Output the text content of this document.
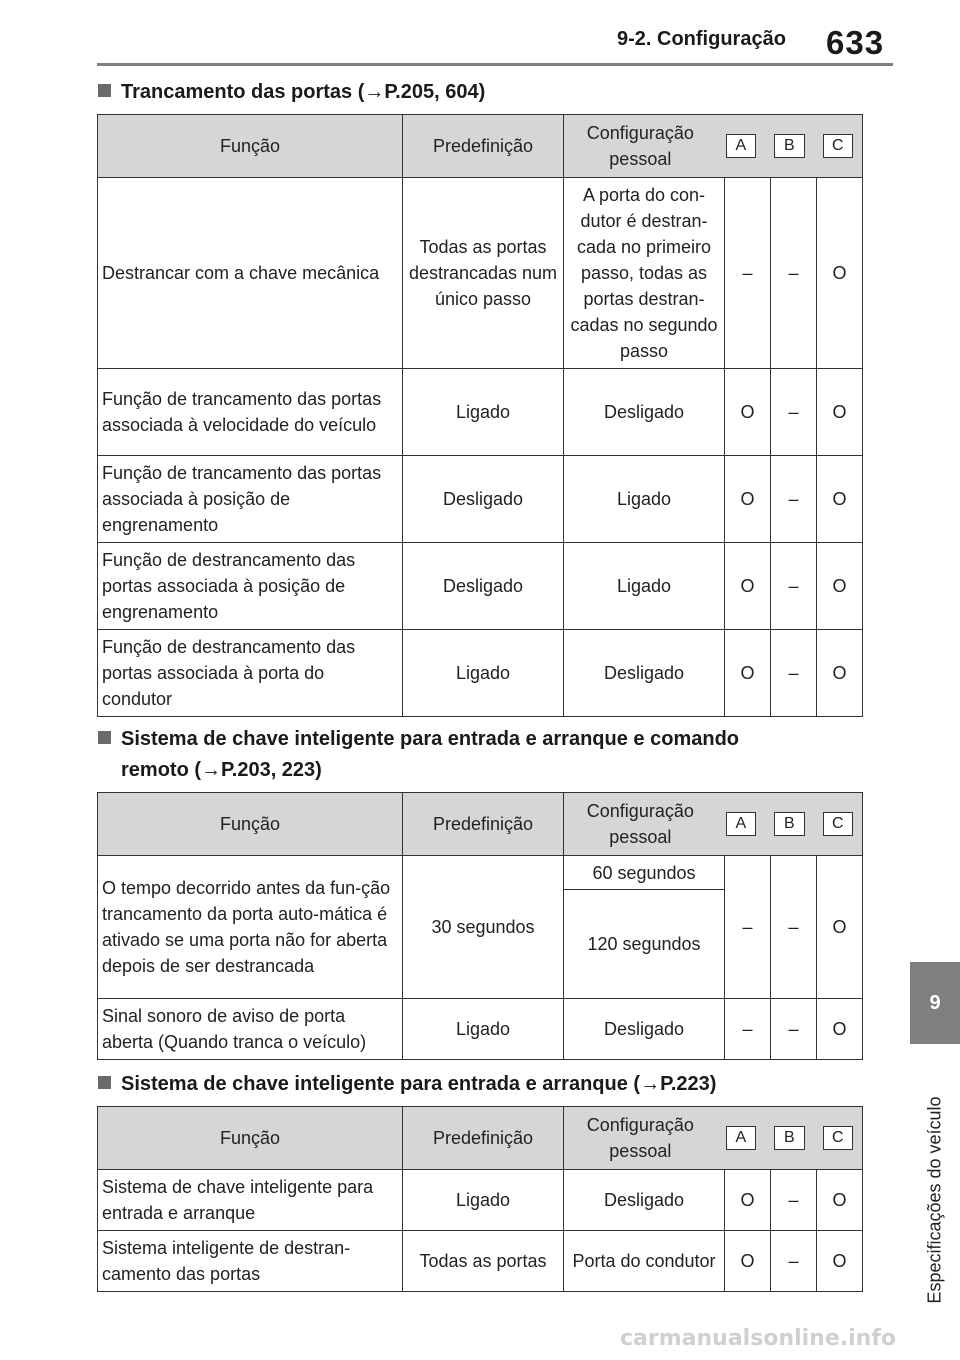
9-2. Configuração 633
9
Especificações do veículo
Trancamento das portas (→P.205, 604)
Função	Predefinição	Configuração pessoal
A B C			

Destrancar com a chave mecânica	Todas as portas destrancadas num único passo	A porta do con-dutor é destran-cada no primeiro passo, todas as portas destran-cadas no segundo passo	–	–	O
Função de trancamento das portas associada à velocidade do veículo	Ligado	Desligado	O	–	O
Função de trancamento das portas associada à posição de engrenamento	Desligado	Ligado	O	–	O
Função de destrancamento das portas associada à posição de engrenamento	Desligado	Ligado	O	–	O
Função de destrancamento das portas associada à porta do condutor	Ligado	Desligado	O	–	O
Sistema de chave inteligente para entrada e arranque e comando
remoto (→P.203, 223)
Função	Predefinição	Configuração pessoal
A B C			

O tempo decorrido antes da fun-ção trancamento da porta auto-mática é ativado se uma porta não for aberta depois de ser destrancada	30 segundos	60 segundos	–	–	O
		120 segundos			
Sinal sonoro de aviso de porta aberta (Quando tranca o veículo)	Ligado	Desligado	–	–	O
Sistema de chave inteligente para entrada e arranque (→P.223)
Função	Predefinição	Configuração pessoal
A B C			

Sistema de chave inteligente para entrada e arranque	Ligado	Desligado	O	–	O
Sistema inteligente de destran-camento das portas	Todas as portas	Porta do condutor	O	–	O
carmanualsonline.info
